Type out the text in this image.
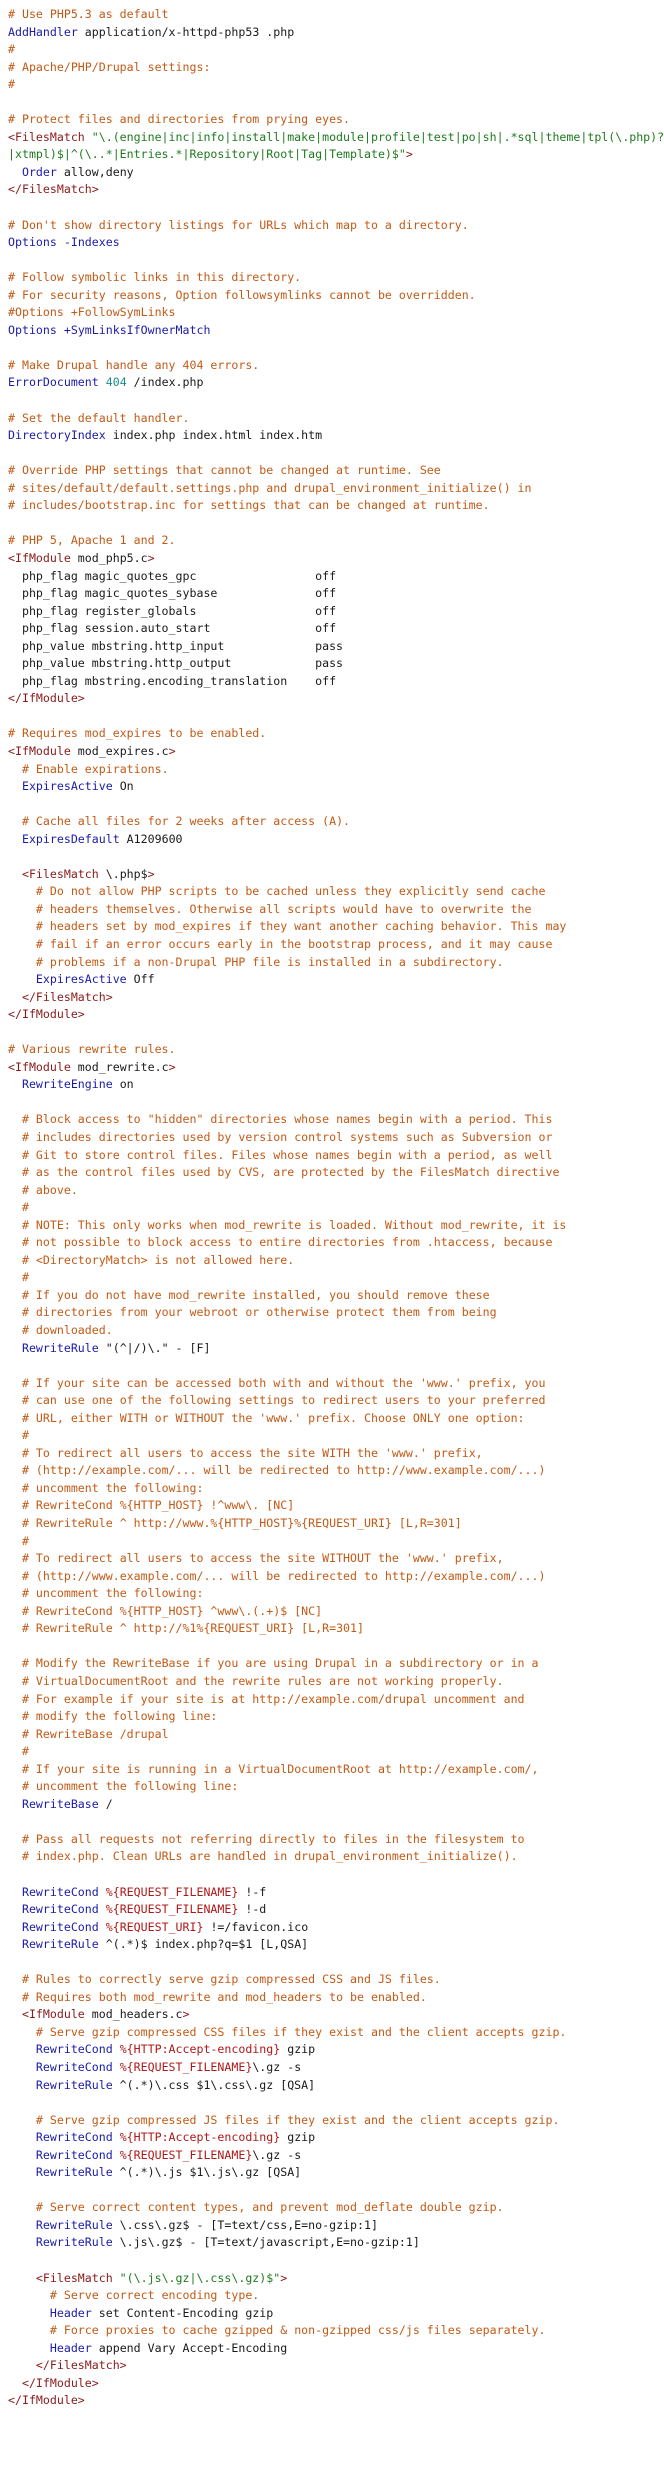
# Use PHP5.3 as default
AddHandler application/x-httpd-php53 .php
#
# Apache/PHP/Drupal settings:
#

# Protect files and directories from prying eyes.
<FilesMatch "\.(engine|inc|info|install|make|module|profile|test|po|sh|.*sql|theme|tpl(\.php)?
|xtmpl)$|^(\..*|Entries.*|Repository|Root|Tag|Template)$">
Order allow,deny
</FilesMatch>

# Don't show directory listings for URLs which map to a directory.
Options -Indexes

# Follow symbolic links in this directory.
# For security reasons, Option followsymlinks cannot be overridden.
#Options +FollowSymLinks
Options +SymLinksIfOwnerMatch

# Make Drupal handle any 404 errors.
ErrorDocument 404 /index.php

# Set the default handler.
DirectoryIndex index.php index.html index.htm

# Override PHP settings that cannot be changed at runtime. See
# sites/default/default.settings.php and drupal_environment_initialize() in
# includes/bootstrap.inc for settings that can be changed at runtime.

# PHP 5, Apache 1 and 2.
<IfModule mod_php5.c>
php_flag magic_quotes_gpc                 off
php_flag magic_quotes_sybase              off
php_flag register_globals                 off
php_flag session.auto_start               off
php_value mbstring.http_input             pass
php_value mbstring.http_output            pass
php_flag mbstring.encoding_translation    off
</IfModule>

# Requires mod_expires to be enabled.
<IfModule mod_expires.c>
# Enable expirations.
ExpiresActive On

# Cache all files for 2 weeks after access (A).
ExpiresDefault A1209600

<FilesMatch \.php$>
# Do not allow PHP scripts to be cached unless they explicitly send cache
# headers themselves. Otherwise all scripts would have to overwrite the
# headers set by mod_expires if they want another caching behavior. This may
# fail if an error occurs early in the bootstrap process, and it may cause
# problems if a non-Drupal PHP file is installed in a subdirectory.
ExpiresActive Off
</FilesMatch>
</IfModule>

# Various rewrite rules.
<IfModule mod_rewrite.c>
RewriteEngine on

# Block access to "hidden" directories whose names begin with a period. This
# includes directories used by version control systems such as Subversion or
# Git to store control files. Files whose names begin with a period, as well
# as the control files used by CVS, are protected by the FilesMatch directive
# above.
#
# NOTE: This only works when mod_rewrite is loaded. Without mod_rewrite, it is
# not possible to block access to entire directories from .htaccess, because
# <DirectoryMatch> is not allowed here.
#
# If you do not have mod_rewrite installed, you should remove these
# directories from your webroot or otherwise protect them from being
# downloaded.
RewriteRule "(^|/)\." - [F]

# If your site can be accessed both with and without the 'www.' prefix, you
# can use one of the following settings to redirect users to your preferred
# URL, either WITH or WITHOUT the 'www.' prefix. Choose ONLY one option:
#
# To redirect all users to access the site WITH the 'www.' prefix,
# (http://example.com/... will be redirected to http://www.example.com/...)
# uncomment the following:
# RewriteCond %{HTTP_HOST} !^www\. [NC]
# RewriteRule ^ http://www.%{HTTP_HOST}%{REQUEST_URI} [L,R=301]
#
# To redirect all users to access the site WITHOUT the 'www.' prefix,
# (http://www.example.com/... will be redirected to http://example.com/...)
# uncomment the following:
# RewriteCond %{HTTP_HOST} ^www\.(.+)$ [NC]
# RewriteRule ^ http://%1%{REQUEST_URI} [L,R=301]

# Modify the RewriteBase if you are using Drupal in a subdirectory or in a
# VirtualDocumentRoot and the rewrite rules are not working properly.
# For example if your site is at http://example.com/drupal uncomment and
# modify the following line:
# RewriteBase /drupal
#
# If your site is running in a VirtualDocumentRoot at http://example.com/,
# uncomment the following line:
RewriteBase /

# Pass all requests not referring directly to files in the filesystem to
# index.php. Clean URLs are handled in drupal_environment_initialize().

RewriteCond %{REQUEST_FILENAME} !-f
RewriteCond %{REQUEST_FILENAME} !-d
RewriteCond %{REQUEST_URI} !=/favicon.ico
RewriteRule ^(.*)$ index.php?q=$1 [L,QSA]

# Rules to correctly serve gzip compressed CSS and JS files.
# Requires both mod_rewrite and mod_headers to be enabled.
<IfModule mod_headers.c>
# Serve gzip compressed CSS files if they exist and the client accepts gzip.
RewriteCond %{HTTP:Accept-encoding} gzip
RewriteCond %{REQUEST_FILENAME}\.gz -s
RewriteRule ^(.*)\.css $1\.css\.gz [QSA]

# Serve gzip compressed JS files if they exist and the client accepts gzip.
RewriteCond %{HTTP:Accept-encoding} gzip
RewriteCond %{REQUEST_FILENAME}\.gz -s
RewriteRule ^(.*)\.js $1\.js\.gz [QSA]

# Serve correct content types, and prevent mod_deflate double gzip.
RewriteRule \.css\.gz$ - [T=text/css,E=no-gzip:1]
RewriteRule \.js\.gz$ - [T=text/javascript,E=no-gzip:1]

<FilesMatch "(\.js\.gz|\.css\.gz)$">
# Serve correct encoding type.
Header set Content-Encoding gzip
# Force proxies to cache gzipped & non-gzipped css/js files separately.
Header append Vary Accept-Encoding
</FilesMatch>
</IfModule>
</IfModule>
